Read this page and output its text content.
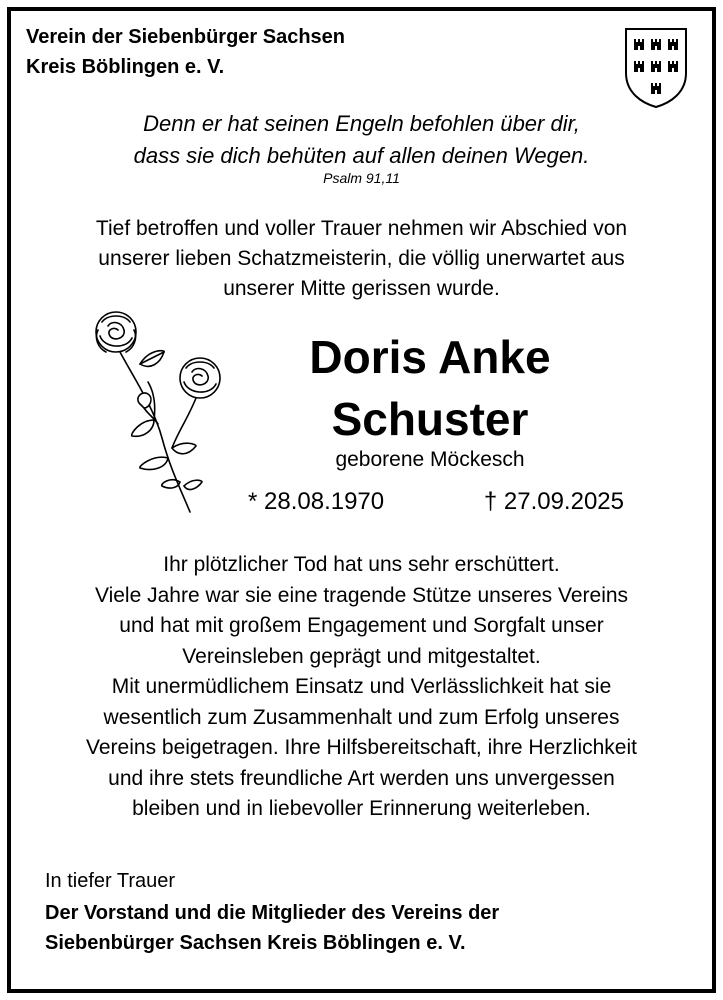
Verein der Siebenbürger Sachsen
Kreis Böblingen e. V.
Denn er hat seinen Engeln befohlen über dir,
dass sie dich behüten auf allen deinen Wegen.
Psalm 91,11
Tief betroffen und voller Trauer nehmen wir Abschied von
unserer lieben Schatzmeisterin, die völlig unerwartet aus
unserer Mitte gerissen wurde.
Doris Anke
Schuster
geborene Möckesch
* 28.08.1970	† 27.09.2025
Ihr plötzlicher Tod hat uns sehr erschüttert.
Viele Jahre war sie eine tragende Stütze unseres Vereins
und hat mit großem Engagement und Sorgfalt unser
Vereinsleben geprägt und mitgestaltet.
Mit unermüdlichem Einsatz und Verlässlichkeit hat sie
wesentlich zum Zusammenhalt und zum Erfolg unseres
Vereins beigetragen. Ihre Hilfsbereitschaft, ihre Herzlichkeit
und ihre stets freundliche Art werden uns unvergessen
bleiben und in liebevoller Erinnerung weiterleben.
In tiefer Trauer
Der Vorstand und die Mitglieder des Vereins der
Siebenbürger Sachsen Kreis Böblingen e. V.
